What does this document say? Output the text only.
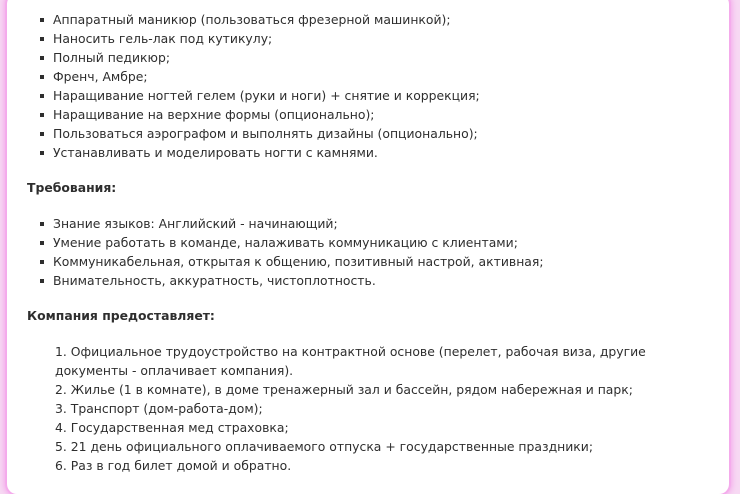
Аппаратный маникюр (пользоваться фрезерной машинкой);
Наносить гель-лак под кутикулу;
Полный педикюр;
Френч, Амбре;
Наращивание ногтей гелем (руки и ноги) + снятие и коррекция;
Наращивание на верхние формы (опционально);
Пользоваться аэрографом и выполнять дизайны (опционально);
Устанавливать и моделировать ногти с камнями.
Требования:
Знание языков: Английский - начинающий;
Умение работать в команде, налаживать коммуникацию с клиентами;
Коммуникабельная, открытая к общению, позитивный настрой, активная;
Внимательность, аккуратность, чистоплотность.
Компания предоставляет:
1. Официальное трудоустройство на контрактной основе (перелет, рабочая виза, другие документы - оплачивает компания).
2. Жилье (1 в комнате), в доме тренажерный зал и бассейн, рядом набережная и парк;
3. Транспорт (дом-работа-дом);
4. Государственная мед страховка;
5. 21 день официального оплачиваемого отпуска + государственные праздники;
6. Раз в год билет домой и обратно.
